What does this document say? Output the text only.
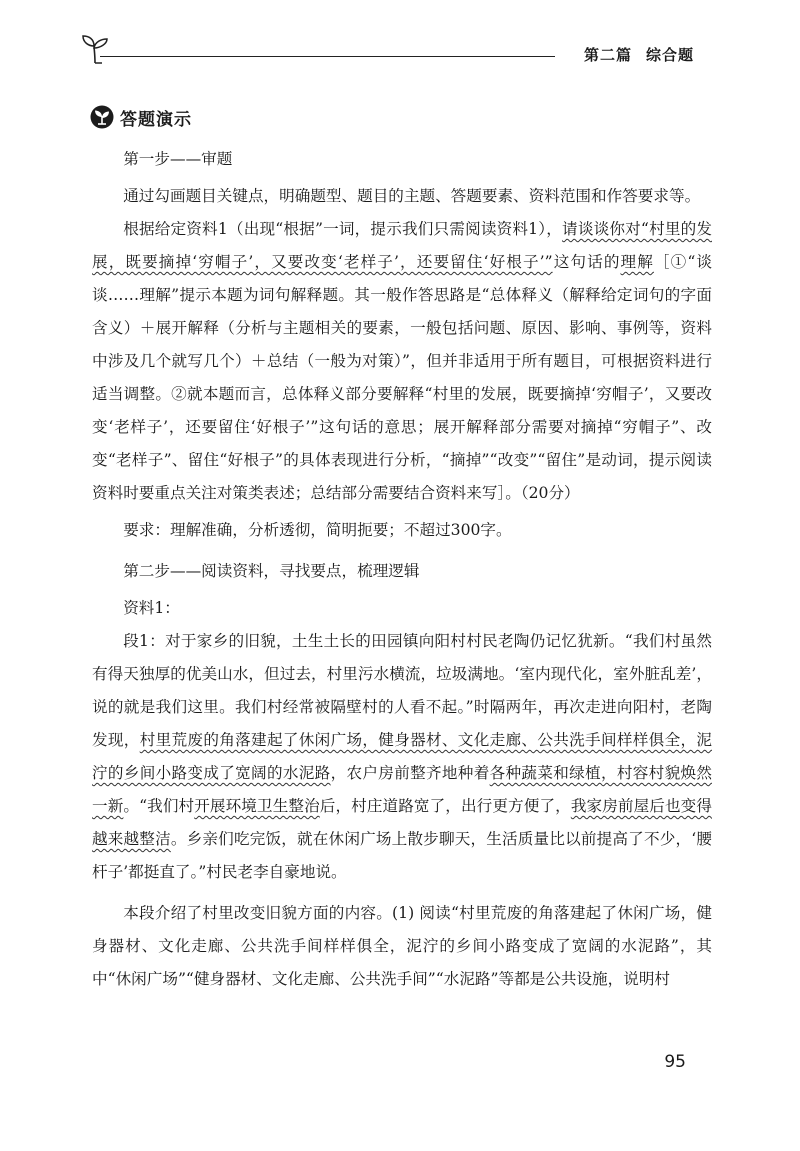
第二篇 综合题
答题演示

第一步——审题

通过勾画题目关键点，明确题型、题目的主题、答题要素、资料范围和作答要求等。

根据给定资料1（出现“根据”一词，提示我们只需阅读资料1），请谈谈你对“村里的发展，既要摘掉‘穷帽子’，又要改变‘老样子’，还要留住‘好根子’”这句话的理解［①“谈谈……理解”提示本题为词句解释题。其一般作答思路是“总体释义（解释给定词句的字面含义）＋展开解释（分析与主题相关的要素，一般包括问题、原因、影响、事例等，资料中涉及几个就写几个）＋总结（一般为对策）”，但并非适用于所有题目，可根据资料进行适当调整。②就本题而言，总体释义部分要解释“村里的发展，既要摘掉‘穷帽子’，又要改变‘老样子’，还要留住‘好根子’”这句话的意思；展开解释部分需要对摘掉“穷帽子”、改变“老样子”、留住“好根子”的具体表现进行分析，“摘掉”“改变”“留住”是动词，提示阅读资料时要重点关注对策类表述；总结部分需要结合资料来写］。（20分）

要求：理解准确，分析透彻，简明扼要；不超过300字。

第二步——阅读资料，寻找要点，梳理逻辑

资料1：

段1：对于家乡的旧貌，土生土长的田园镇向阳村村民老陶仍记忆犹新。“我们村虽然有得天独厚的优美山水，但过去，村里污水横流，垃圾满地。‘室内现代化，室外脏乱差’，说的就是我们这里。我们村经常被隔壁村的人看不起。”时隔两年，再次走进向阳村，老陶发现，村里荒废的角落建起了休闲广场，健身器材、文化走廊、公共洗手间样样俱全，泥泞的乡间小路变成了宽阔的水泥路，农户房前整齐地种着各种蔬菜和绿植，村容村貌焕然一新。“我们村开展环境卫生整治后，村庄道路宽了，出行更方便了，我家房前屋后也变得越来越整洁。乡亲们吃完饭，就在休闲广场上散步聊天，生活质量比以前提高了不少，‘腰杆子’都挺直了。”村民老李自豪地说。

本段介绍了村里改变旧貌方面的内容。(1) 阅读“村里荒废的角落建起了休闲广场，健身器材、文化走廊、公共洗手间样样俱全，泥泞的乡间小路变成了宽阔的水泥路”，其中“休闲广场”“健身器材、文化走廊、公共洗手间”“水泥路”等都是公共设施，说明村

95
